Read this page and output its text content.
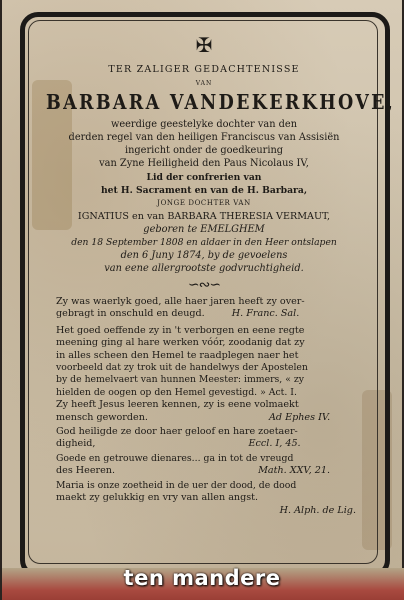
✠
TER ZALIGER GEDACHTENISSE
VAN
BARBARA VANDEKERKHOVE,
weerdige geestelyke dochter van den
derden regel van den heiligen Franciscus van Assisiën
ingericht onder de goedkeuring
van Zyne Heiligheid den Paus Nicolaus IV,
Lid der confrerien van
het H. Sacrament en van de H. Barbara,
JONGE DOCHTER VAN
IGNATIUS en van BARBARA THERESIA VERMAUT,
geboren te EMELGHEM
den 18 September 1808 en aldaer in den Heer ontslapen
den 6 Juny 1874, by de gevoelens
van eene allergrootste godvruchtigheid.
∽∾∽
Zy was waerlyk goed, alle haer jaren heeft zy over-
gebragt in onschuld en deugd.	H. Franc. Sal.
Het goed oeffende zy in 't verborgen en eene regte
meening ging al hare werken vóór, zoodanig dat zy
in alles scheen den Hemel te raadplegen naer het
voorbeeld dat zy trok uit de handelwys der Apostelen
by de hemelvaert van hunnen Meester: immers, « zy
hielden de oogen op den Hemel gevestigd. » Act. I.
Zy heeft Jesus leeren kennen, zy is eene volmaekt
mensch geworden.	Ad Ephes IV.
God heiligde ze door haer geloof en hare zoetaer-
digheid,	Eccl. I, 45.
Goede en getrouwe dienares... ga in tot de vreugd
des Heeren.	Math. XXV, 21.
Maria is onze zoetheid in de uer der dood, de dood
maekt zy gelukkig en vry van allen angst.
H. Alph. de Lig.
ten mandere
